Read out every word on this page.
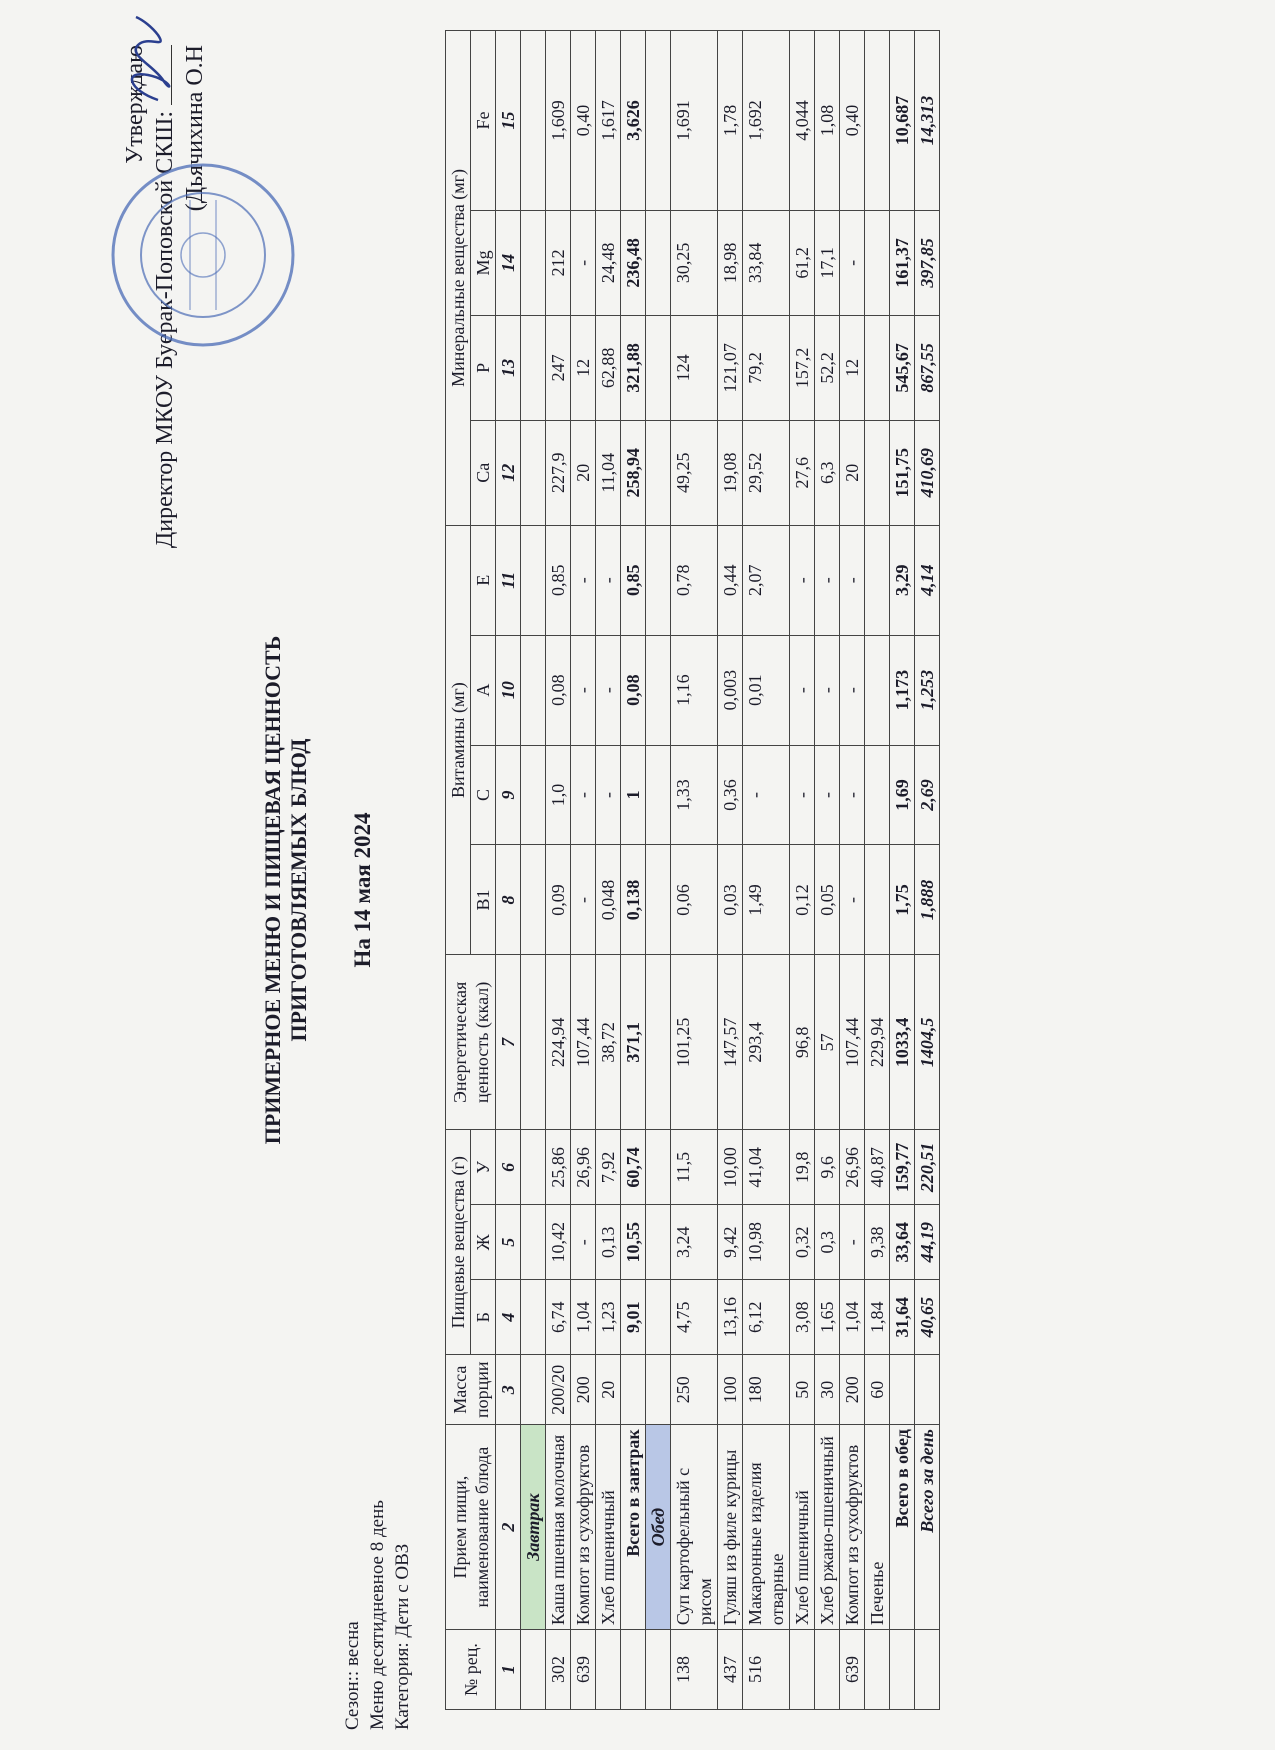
Утверждаю
Директор МКОУ Буерак-Поповской СКШ: (Дьячихина О.Н
ПРИМЕРНОЕ МЕНЮ И ПИЩЕВАЯ ЦЕННОСТЬ ПРИГОТОВЛЯЕМЫХ БЛЮД На 14 мая 2024
Сезон:: весна Меню десятидневное 8 день Категория: Дети с ОВЗ	№ рец.	Прием пищи, наименование блюда	Масса порции	Пищевые вещества (г)			Энергетическая ценность (ккал)	Витамины (мг)				Минеральные вещества (мг)			
			Б	Ж	У		B1	C	A	E	Ca	P	Mg	Fe
1	2	3	4	5	6	7	8	9	10	11	12	13	14	15
	Завтрак													
302	Каша пшенная молочная	200/20	6,74	10,42	25,86	224,94	0,09	1,0	0,08	0,85	227,9	247	212	1,609
639	Компот из сухофруктов	200	1,04	-	26,96	107,44	-	-	-	-	20	12	-	0,40
	Хлеб пшеничный	20	1,23	0,13	7,92	38,72	0,048	-	-	-	11,04	62,88	24,48	1,617
	Всего в завтрак		9,01	10,55	60,74	371,1	0,138	1	0,08	0,85	258,94	321,88	236,48	3,626
	Обед													
138	Суп картофельный с рисом	250	4,75	3,24	11,5	101,25	0,06	1,33	1,16	0,78	49,25	124	30,25	1,691
437	Гуляш из филе курицы	100	13,16	9,42	10,00	147,57	0,03	0,36	0,003	0,44	19,08	121,07	18,98	1,78
516	Макаронные изделия отварные	180	6,12	10,98	41,04	293,4	1,49	-	0,01	2,07	29,52	79,2	33,84	1,692
	Хлеб пшеничный	50	3,08	0,32	19,8	96,8	0,12	-	-	-	27,6	157,2	61,2	4,044
	Хлеб ржано-пшеничный	30	1,65	0,3	9,6	57	0,05	-	-	-	6,3	52,2	17,1	1,08
639	Компот из сухофруктов	200	1,04	-	26,96	107,44	-	-	-	-	20	12	-	0,40
	Печенье	60	1,84	9,38	40,87	229,94								
	Всего в обед		31,64	33,64	159,77	1033,4	1,75	1,69	1,173	3,29	151,75	545,67	161,37	10,687
	Всего за день		40,65	44,19	220,51	1404,5	1,888	2,69	1,253	4,14	410,69	867,55	397,85	14,313
